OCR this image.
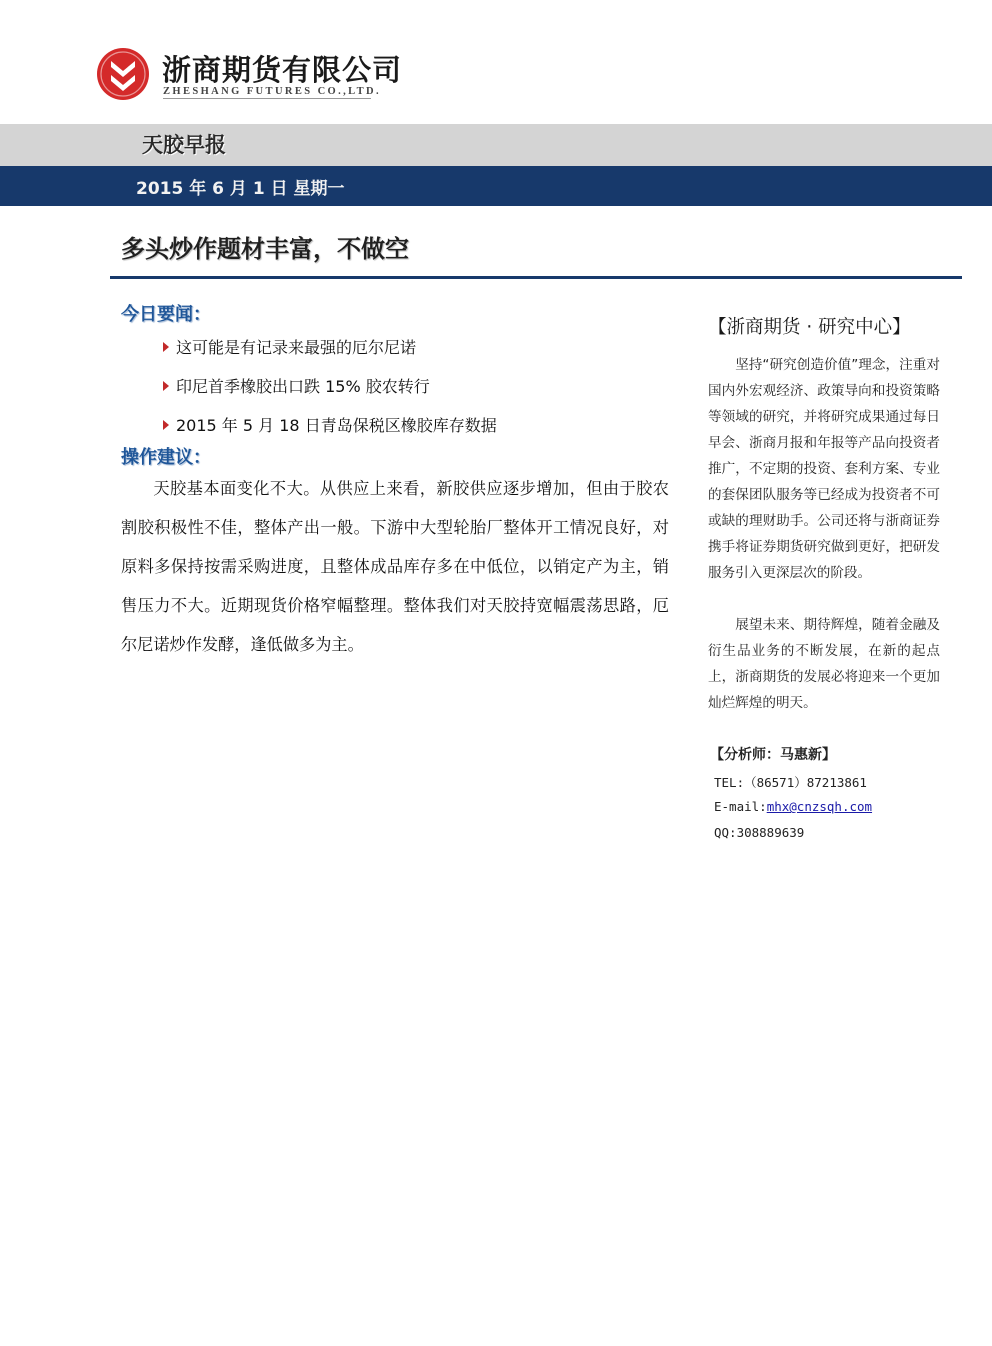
浙商期货有限公司
ZHESHANG FUTURES CO.,LTD.
天胶早报
2015 年 6 月 1 日 星期一
多头炒作题材丰富，不做空
今日要闻：
这可能是有记录来最强的厄尔尼诺
印尼首季橡胶出口跌 15% 胶农转行
2015 年 5 月 18 日青岛保税区橡胶库存数据
操作建议：
天胶基本面变化不大。从供应上来看，新胶供应逐步增加，但由于胶农割胶积极性不佳，整体产出一般。下游中大型轮胎厂整体开工情况良好，对原料多保持按需采购进度，且整体成品库存多在中低位，以销定产为主，销售压力不大。近期现货价格窄幅整理。整体我们对天胶持宽幅震荡思路，厄尔尼诺炒作发酵，逢低做多为主。
【浙商期货 · 研究中心】
坚持“研究创造价值”理念，注重对国内外宏观经济、政策导向和投资策略等领域的研究，并将研究成果通过每日早会、浙商月报和年报等产品向投资者推广，不定期的投资、套利方案、专业的套保团队服务等已经成为投资者不可或缺的理财助手。公司还将与浙商证券携手将证券期货研究做到更好，把研发服务引入更深层次的阶段。
展望未来、期待辉煌，随着金融及衍生品业务的不断发展，在新的起点上，浙商期货的发展必将迎来一个更加灿烂辉煌的明天。
【分析师：马惠新】
TEL:（86571）87213861
E-mail:mhx@cnzsqh.com
QQ:308889639
